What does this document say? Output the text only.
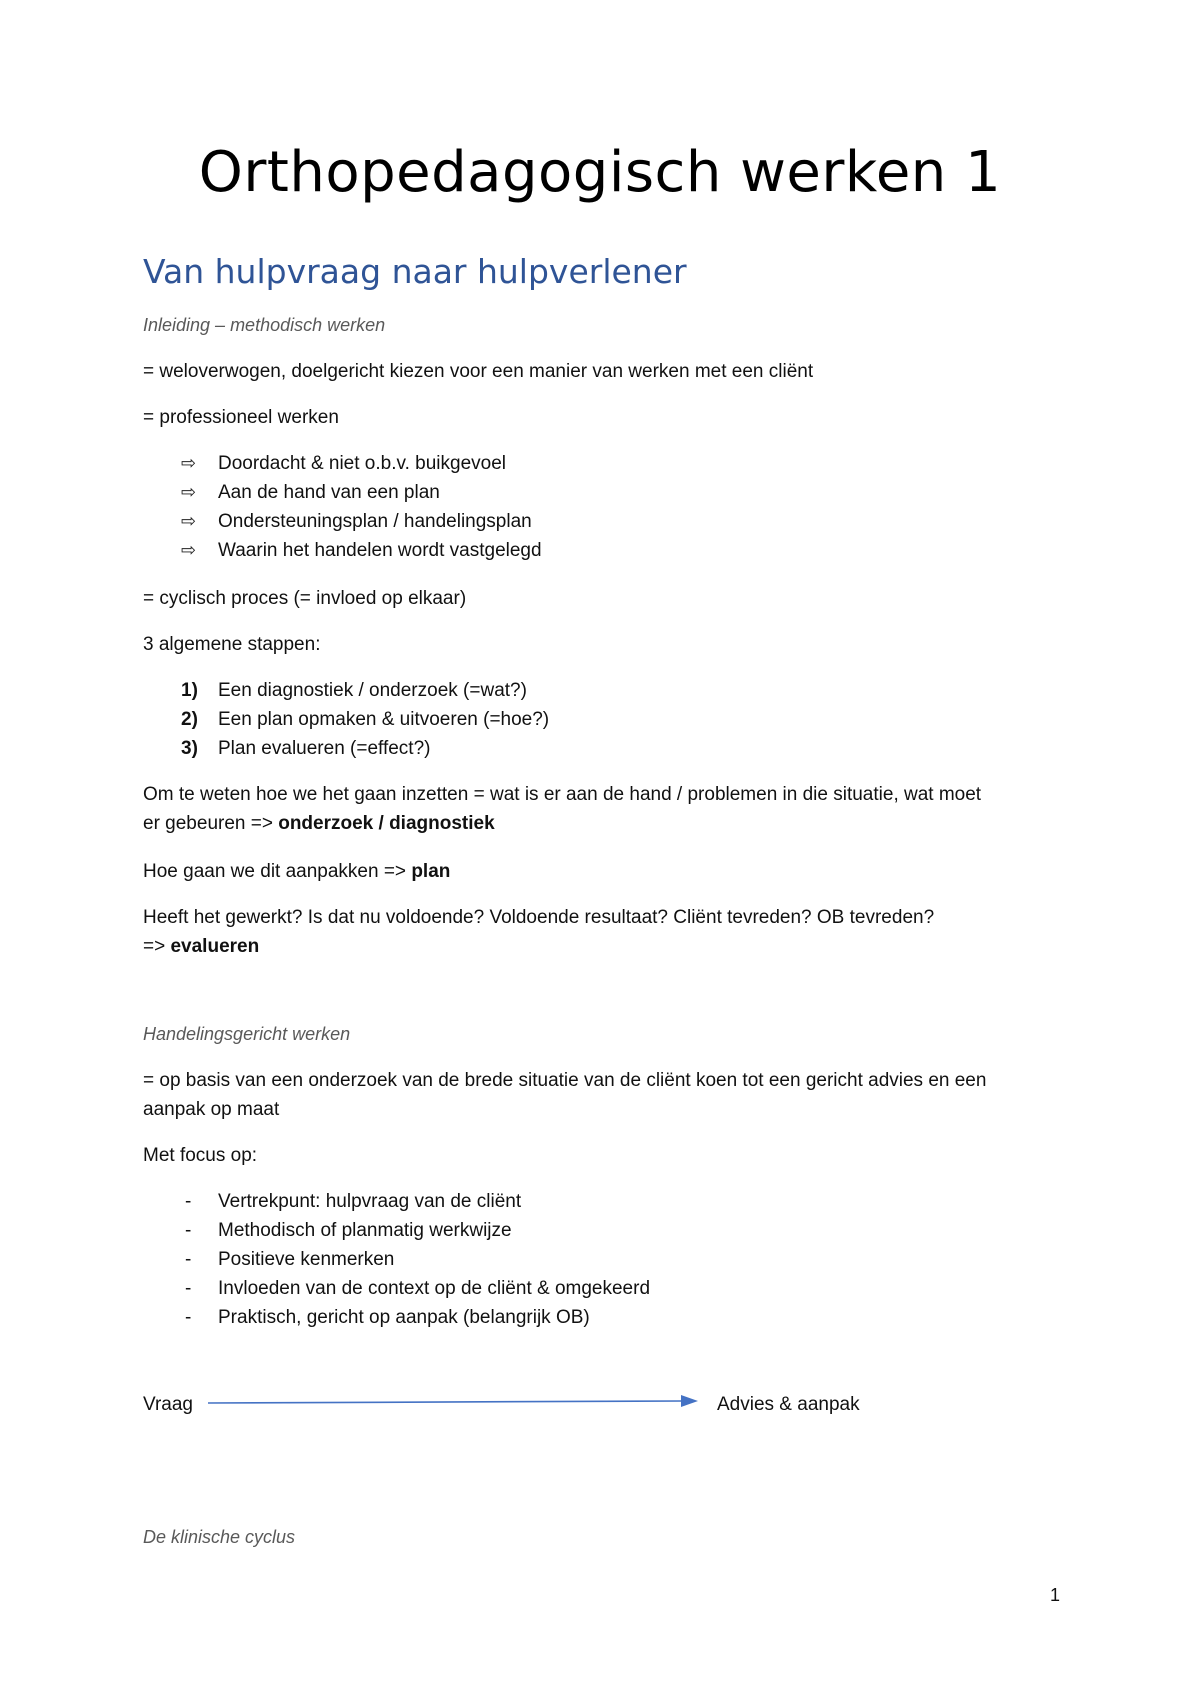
Orthopedagogisch werken 1
Van hulpvraag naar hulpverlener
Inleiding – methodisch werken
= weloverwogen, doelgericht kiezen voor een manier van werken met een cliënt
= professioneel werken
⇨ Doordacht & niet o.b.v. buikgevoel
⇨ Aan de hand van een plan
⇨ Ondersteuningsplan / handelingsplan
⇨ Waarin het handelen wordt vastgelegd
= cyclisch proces (= invloed op elkaar)
3 algemene stappen:
1) Een diagnostiek / onderzoek (=wat?)
2) Een plan opmaken & uitvoeren (=hoe?)
3) Plan evalueren (=effect?)
Om te weten hoe we het gaan inzetten = wat is er aan de hand / problemen in die situatie, wat moet
er gebeuren => onderzoek / diagnostiek
Hoe gaan we dit aanpakken => plan
Heeft het gewerkt? Is dat nu voldoende? Voldoende resultaat? Cliënt tevreden? OB tevreden?
=> evalueren
Handelingsgericht werken
= op basis van een onderzoek van de brede situatie van de cliënt koen tot een gericht advies en een
aanpak op maat
Met focus op:
- Vertrekpunt: hulpvraag van de cliënt
- Methodisch of planmatig werkwijze
- Positieve kenmerken
- Invloeden van de context op de cliënt & omgekeerd
- Praktisch, gericht op aanpak (belangrijk OB)
Vraag	Advies & aanpak
De klinische cyclus
1
